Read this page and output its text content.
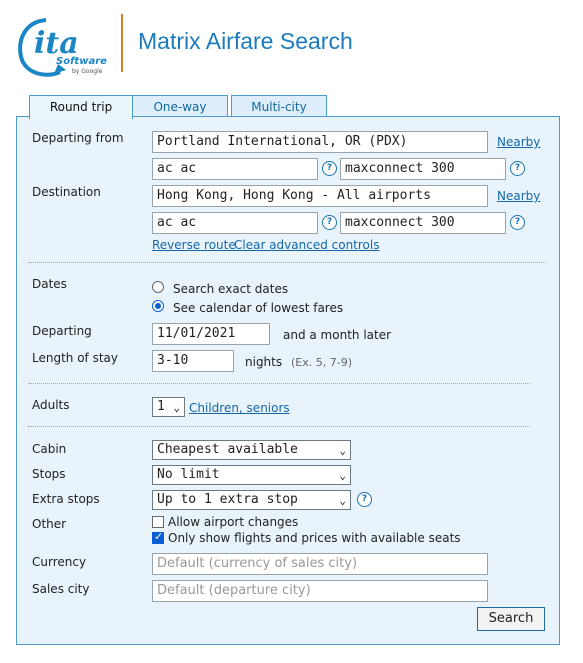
ita
Software
by Google
Matrix Airfare Search
Round trip	One-way	Multi-city
Departing from	Portland International, OR (PDX)	Nearby
ac ac	? maxconnect 300	?
Destination	Hong Kong, Hong Kong - All airports	Nearby
ac ac	? maxconnect 300	?
Reverse route
Clear advanced controls
Dates	Search exact dates
See calendar of lowest fares
Departing	11/01/2021	and a month later
Length of stay	3-10	nights (Ex. 5, 7-9)
Adults	1 ⌄ Children, seniors
Cabin	Cheapest available	⌄
Stops	No limit	⌄
Extra stops	Up to 1 extra stop	⌄	?
Other	Allow airport changes
✓
Only show flights and prices with available seats
Currency	Default (currency of sales city)
Sales city	Default (departure city)
Search
